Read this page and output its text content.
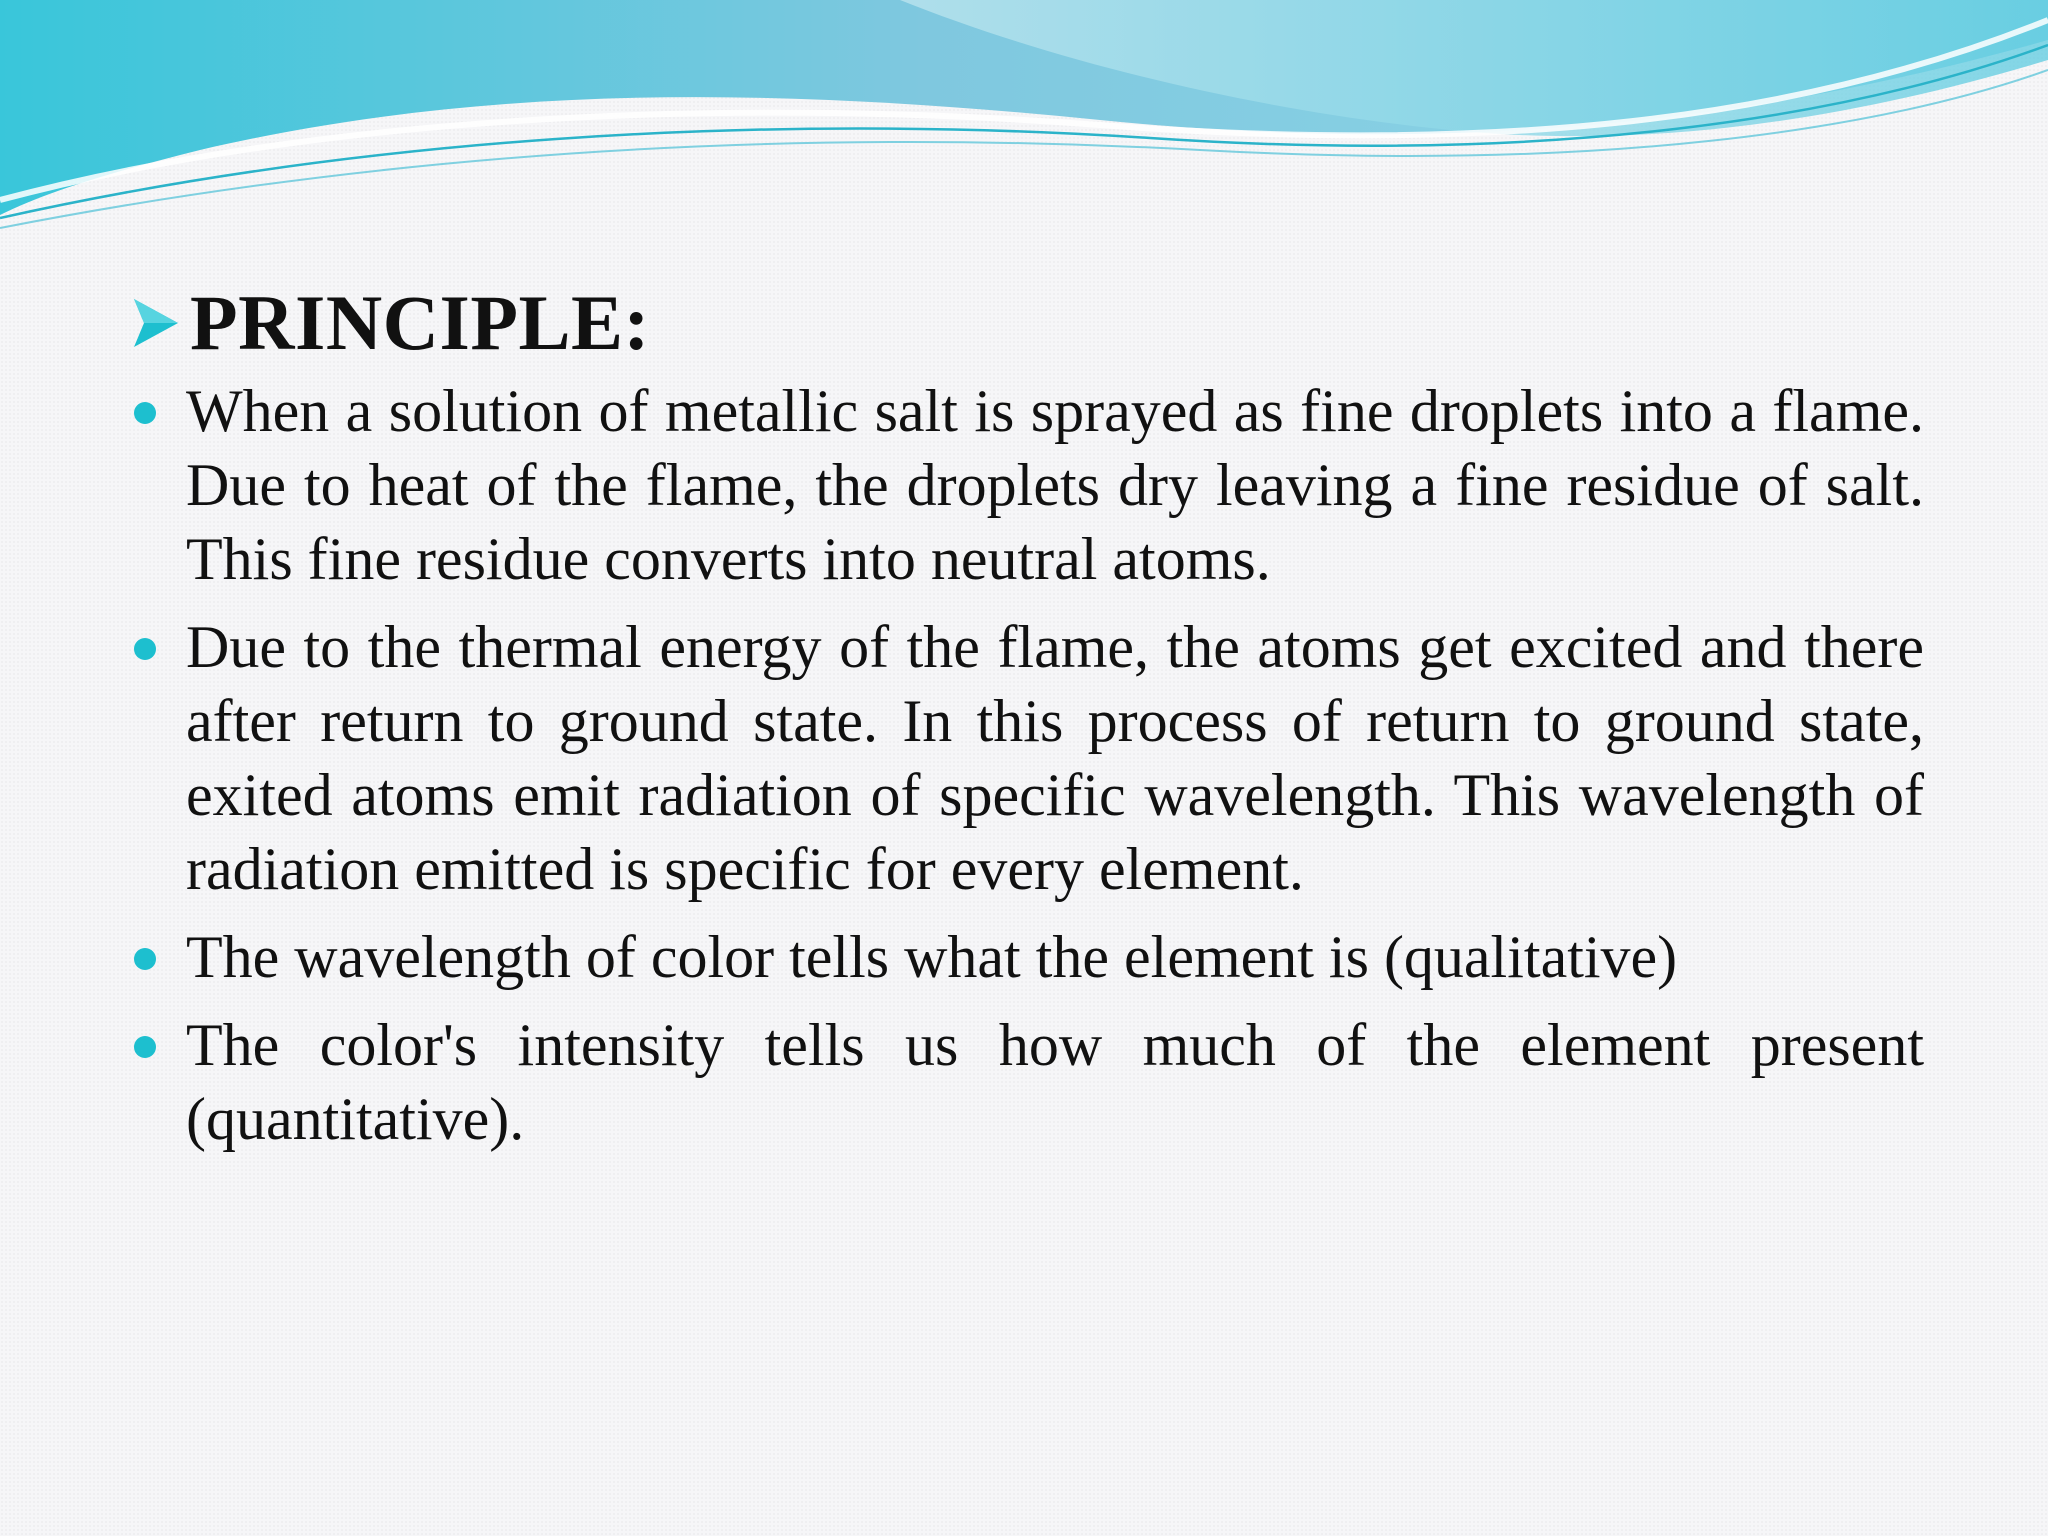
PRINCIPLE:
When a solution of metallic salt is sprayed as fine droplets into a flame. Due to heat of the flame, the droplets dry leaving a fine residue of salt. This fine residue converts into neutral atoms.
Due to the thermal energy of the flame, the atoms get excited and there after return to ground state. In this process of return to ground state, exited atoms emit radiation of specific wavelength. This wavelength of radiation emitted is specific for every element.
The wavelength of color tells what the element is (qualitative)
The color's intensity tells us how much of the element present (quantitative).
